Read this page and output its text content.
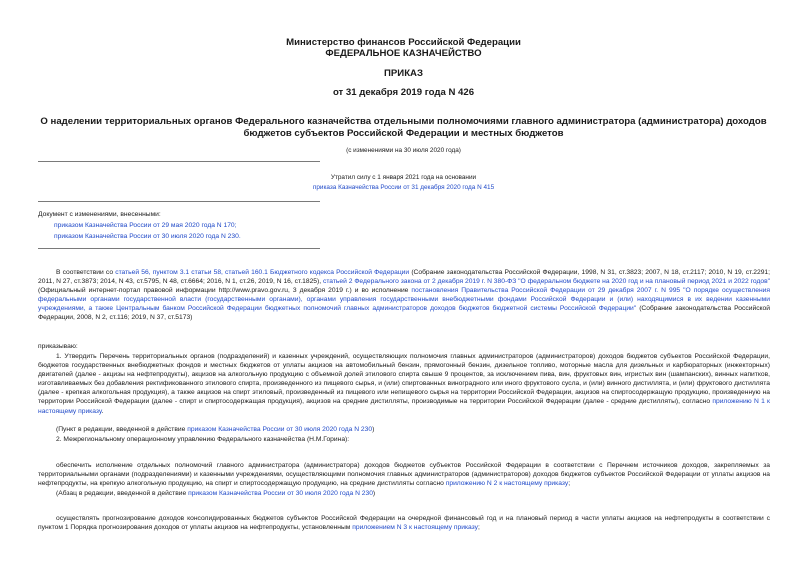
Министерство финансов Российской Федерации
ФЕДЕРАЛЬНОЕ КАЗНАЧЕЙСТВО
ПРИКАЗ
от 31 декабря 2019 года N 426
О наделении территориальных органов Федерального казначейства отдельными полномочиями главного администратора (администратора) доходов бюджетов субъектов Российской Федерации и местных бюджетов
(с изменениями на 30 июля 2020 года)
Утратил силу с 1 января 2021 года на основании
приказа Казначейства России от 31 декабря 2020 года N 415
Документ с изменениями, внесенными:
приказом Казначейства России от 29 мая 2020 года N 170;
приказом Казначейства России от 30 июля 2020 года N 230.
В соответствии со статьей 56, пунктом 3.1 статьи 58, статьей 160.1 Бюджетного кодекса Российской Федерации (Собрание законодательства Российской Федерации, 1998, N 31, ст.3823; 2007, N 18, ст.2117; 2010, N 19, ст.2291; 2011, N 27, ст.3873; 2014, N 43, ст.5795, N 48, ст.6664; 2016, N 1, ст.26, 2019, N 16, ст.1825), статьей 2 Федерального закона от 2 декабря 2019 г. N 380-ФЗ "О федеральном бюджете на 2020 год и на плановый период 2021 и 2022 годов" (Официальный интернет-портал правовой информации http://www.pravo.gov.ru, 3 декабря 2019 г.) и во исполнение постановления Правительства Российской Федерации от 29 декабря 2007 г. N 995 "О порядке осуществления федеральными органами государственной власти (государственными органами), органами управления государственными внебюджетными фондами Российской Федерации и (или) находящимися в их ведении казенными учреждениями, а также Центральным банком Российской Федерации бюджетных полномочий главных администраторов доходов бюджетов бюджетной системы Российской Федерации" (Собрание законодательства Российской Федерации, 2008, N 2, ст.116; 2019, N 37, ст.5173)
приказываю:
1. Утвердить Перечень территориальных органов (подразделений) и казенных учреждений, осуществляющих полномочия главных администраторов (администраторов) доходов бюджетов субъектов Российской Федерации, бюджетов государственных внебюджетных фондов и местных бюджетов от уплаты акцизов на автомобильный бензин, прямогонный бензин, дизельное топливо, моторные масла для дизельных и карбюраторных (инжекторных) двигателей (далее - акцизы на нефтепродукты), акцизов на алкогольную продукцию с объемной долей этилового спирта свыше 9 процентов, за исключением пива, вин, фруктовых вин, игристых вин (шампанских), винных напитков, изготавливаемых без добавления ректификованного этилового спирта, произведенного из пищевого сырья, и (или) спиртованных виноградного или иного фруктового сусла, и (или) винного дистиллята, и (или) фруктового дистиллята (далее - крепкая алкогольная продукция), а также акцизов на спирт этиловый, произведенный из пищевого или непищевого сырья на территории Российской Федерации, акцизов на спиртосодержащую продукцию, произведенную на территории Российской Федерации (далее - спирт и спиртосодержащая продукция), акцизов на средние дистилляты, производимые на территории Российской Федерации (далее - средние дистилляты), согласно приложению N 1 к настоящему приказу.
(Пункт в редакции, введенной в действие приказом Казначейства России от 30 июля 2020 года N 230)
2. Межрегиональному операционному управлению Федерального казначейства (Н.М.Горина):
обеспечить исполнение отдельных полномочий главного администратора (администратора) доходов бюджетов субъектов Российской Федерации в соответствии с Перечнем источников доходов, закрепляемых за территориальными органами (подразделениями) и казенными учреждениями, осуществляющими полномочия главных администраторов (администраторов) доходов бюджетов субъектов Российской Федерации от уплаты акцизов на нефтепродукты, на крепкую алкогольную продукцию, на спирт и спиртосодержащую продукцию, на средние дистилляты согласно приложению N 2 к настоящему приказу;
(Абзац в редакции, введенной в действие приказом Казначейства России от 30 июля 2020 года N 230)
осуществлять прогнозирование доходов консолидированных бюджетов субъектов Российской Федерации на очередной финансовый год и на плановый период в части уплаты акцизов на нефтепродукты в соответствии с пунктом 1 Порядка прогнозирования доходов от уплаты акцизов на нефтепродукты, установленным приложением N 3 к настоящему приказу;
